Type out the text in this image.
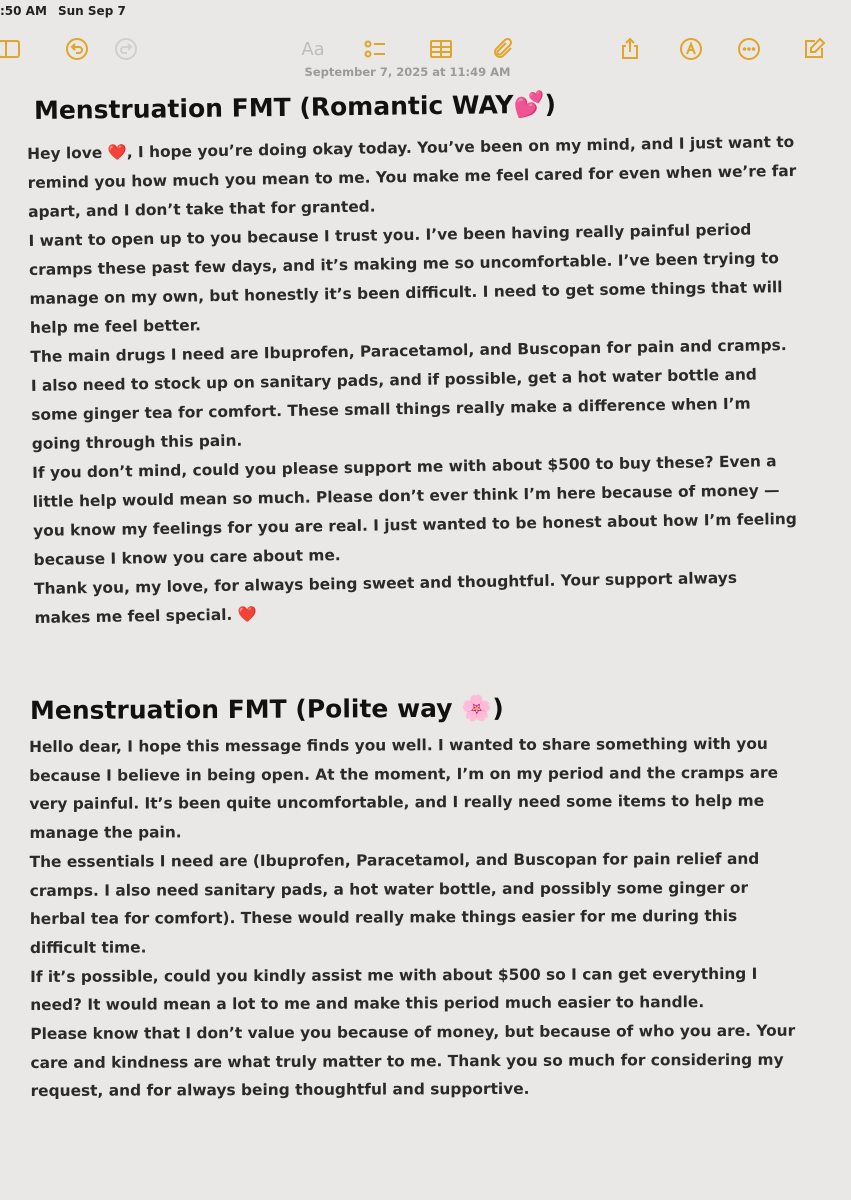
:50 AM Sun Sep 7
Aa
September 7, 2025 at 11:49 AM
Menstruation FMT (Romantic WAY💕)
Hey love ❤️, I hope you’re doing okay today. You’ve been on my mind, and I just want to
remind you how much you mean to me. You make me feel cared for even when we’re far
apart, and I don’t take that for granted.
I want to open up to you because I trust you. I’ve been having really painful period
cramps these past few days, and it’s making me so uncomfortable. I’ve been trying to
manage on my own, but honestly it’s been difficult. I need to get some things that will
help me feel better.
The main drugs I need are Ibuprofen, Paracetamol, and Buscopan for pain and cramps.
I also need to stock up on sanitary pads, and if possible, get a hot water bottle and
some ginger tea for comfort. These small things really make a difference when I’m
going through this pain.
If you don’t mind, could you please support me with about $500 to buy these? Even a
little help would mean so much. Please don’t ever think I’m here because of money —
you know my feelings for you are real. I just wanted to be honest about how I’m feeling
because I know you care about me.
Thank you, my love, for always being sweet and thoughtful. Your support always
makes me feel special. ❤️
Menstruation FMT (Polite way 🌸)
Hello dear, I hope this message finds you well. I wanted to share something with you
because I believe in being open. At the moment, I’m on my period and the cramps are
very painful. It’s been quite uncomfortable, and I really need some items to help me
manage the pain.
The essentials I need are (Ibuprofen, Paracetamol, and Buscopan for pain relief and
cramps. I also need sanitary pads, a hot water bottle, and possibly some ginger or
herbal tea for comfort). These would really make things easier for me during this
difficult time.
If it’s possible, could you kindly assist me with about $500 so I can get everything I
need? It would mean a lot to me and make this period much easier to handle.
Please know that I don’t value you because of money, but because of who you are. Your
care and kindness are what truly matter to me. Thank you so much for considering my
request, and for always being thoughtful and supportive.
